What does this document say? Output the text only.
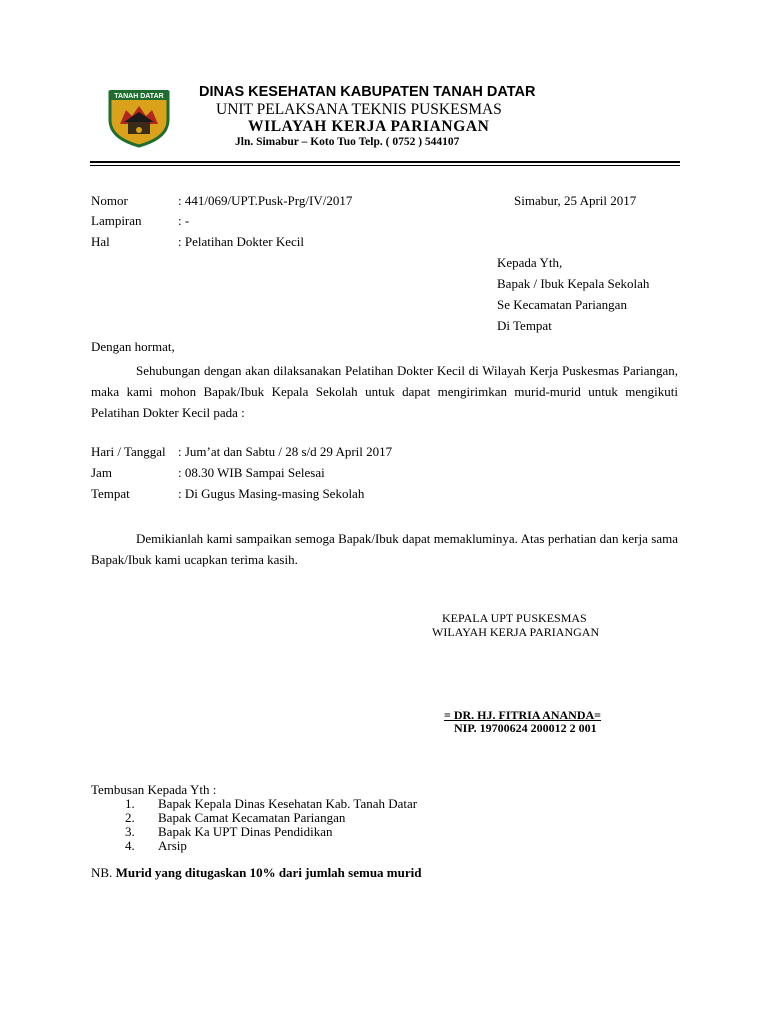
TANAH DATAR DINAS KESEHATAN KABUPATEN TANAH DATAR
UNIT PELAKSANA TEKNIS PUSKESMAS
WILAYAH KERJA PARIANGAN
Jln. Simabur – Koto Tuo Telp. ( 0752 ) 544107
Nomor	: 441/069/UPT.Pusk-Prg/IV/2017	Simabur, 25 April 2017
Lampiran	: -
Hal	: Pelatihan Dokter Kecil
Kepada Yth,
Bapak / Ibuk Kepala Sekolah
Se Kecamatan Pariangan
Di Tempat
Dengan hormat,
Sehubungan dengan akan dilaksanakan Pelatihan Dokter Kecil di Wilayah Kerja Puskesmas Pariangan, maka kami mohon Bapak/Ibuk Kepala Sekolah untuk dapat mengirimkan murid-murid untuk mengikuti Pelatihan Dokter Kecil pada :
Hari / Tanggal : Jum’at dan Sabtu / 28 s/d 29 April 2017
Jam	: 08.30 WIB Sampai Selesai
Tempat	: Di Gugus Masing-masing Sekolah
Demikianlah kami sampaikan semoga Bapak/Ibuk dapat memakluminya. Atas perhatian dan kerja sama Bapak/Ibuk kami ucapkan terima kasih.
KEPALA UPT PUSKESMAS
WILAYAH KERJA PARIANGAN
= DR. HJ. FITRIA ANANDA=
NIP. 19700624 200012 2 001
Tembusan Kepada Yth :
1. Bapak Kepala Dinas Kesehatan Kab. Tanah Datar
2. Bapak Camat Kecamatan Pariangan
3. Bapak Ka UPT Dinas Pendidikan
4. Arsip
NB. Murid yang ditugaskan 10% dari jumlah semua murid
